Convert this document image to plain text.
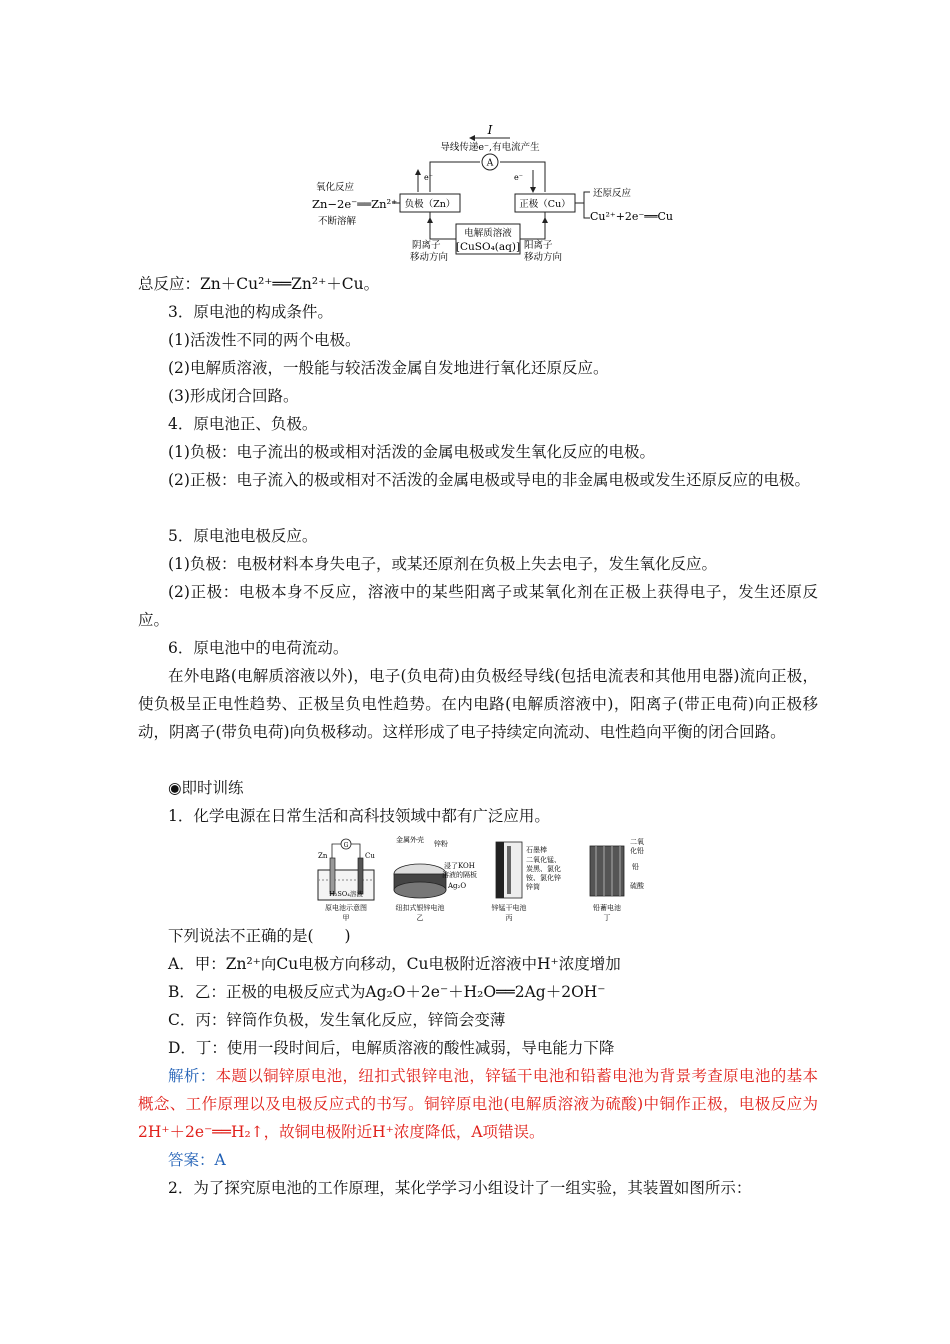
I
导线传递e⁻,有电流产生
A
e⁻	e⁻
负极（Zn）	正极（Cu）
氧化反应
Zn−2e⁻══Zn²⁺
不断溶解
还原反应
Cu²⁺+2e⁻══Cu
电解质溶液
[CuSO₄(aq)]
阴离子
移动方向
阳离子
移动方向

总反应：Zn＋Cu²⁺══Zn²⁺＋Cu。

3．原电池的构成条件。

(1)活泼性不同的两个电极。

(2)电解质溶液，一般能与较活泼金属自发地进行氧化还原反应。

(3)形成闭合回路。

4．原电池正、负极。

(1)负极：电子流出的极或相对活泼的金属电极或发生氧化反应的电极。

(2)正极：电子流入的极或相对不活泼的金属电极或导电的非金属电极或发生还原反应的电极。

5．原电池电极反应。

(1)负极：电极材料本身失电子，或某还原剂在负极上失去电子，发生氧化反应。

(2)正极：电极本身不反应，溶液中的某些阳离子或某氧化剂在正极上获得电子，发生还原反应。

6．原电池中的电荷流动。

在外电路(电解质溶液以外)，电子(负电荷)由负极经导线(包括电流表和其他用电器)流向正极，使负极呈正电性趋势、正极呈负电性趋势。在内电路(电解质溶液中)，阳离子(带正电荷)向正极移动，阴离子(带负电荷)向负极移动。这样形成了电子持续定向流动、电性趋向平衡的闭合回路。

◉即时训练

1．化学电源在日常生活和高科技领域中都有广泛应用。

G
Zn	Cu
H₂SO₄溶液
原电池示意图
甲
金属外壳 锌粉
浸了KOH
溶液的隔板
Ag₂O
纽扣式银锌电池
乙
石墨棒
二氧化锰、
炭黑、氯化
铵、氯化锌
锌筒
锌锰干电池
丙
二氧
化铅
铅
硫酸
铅蓄电池
丁

下列说法不正确的是(　　)

A．甲：Zn²⁺向Cu电极方向移动，Cu电极附近溶液中H⁺浓度增加

B．乙：正极的电极反应式为Ag₂O＋2e⁻＋H₂O══2Ag＋2OH⁻

C．丙：锌筒作负极，发生氧化反应，锌筒会变薄

D．丁：使用一段时间后，电解质溶液的酸性减弱，导电能力下降

解析：本题以铜锌原电池，纽扣式银锌电池，锌锰干电池和铅蓄电池为背景考查原电池的基本概念、工作原理以及电极反应式的书写。铜锌原电池(电解质溶液为硫酸)中铜作正极，电极反应为2H⁺＋2e⁻══H₂↑，故铜电极附近H⁺浓度降低，A项错误。

答案：A

2．为了探究原电池的工作原理，某化学学习小组设计了一组实验，其装置如图所示：
